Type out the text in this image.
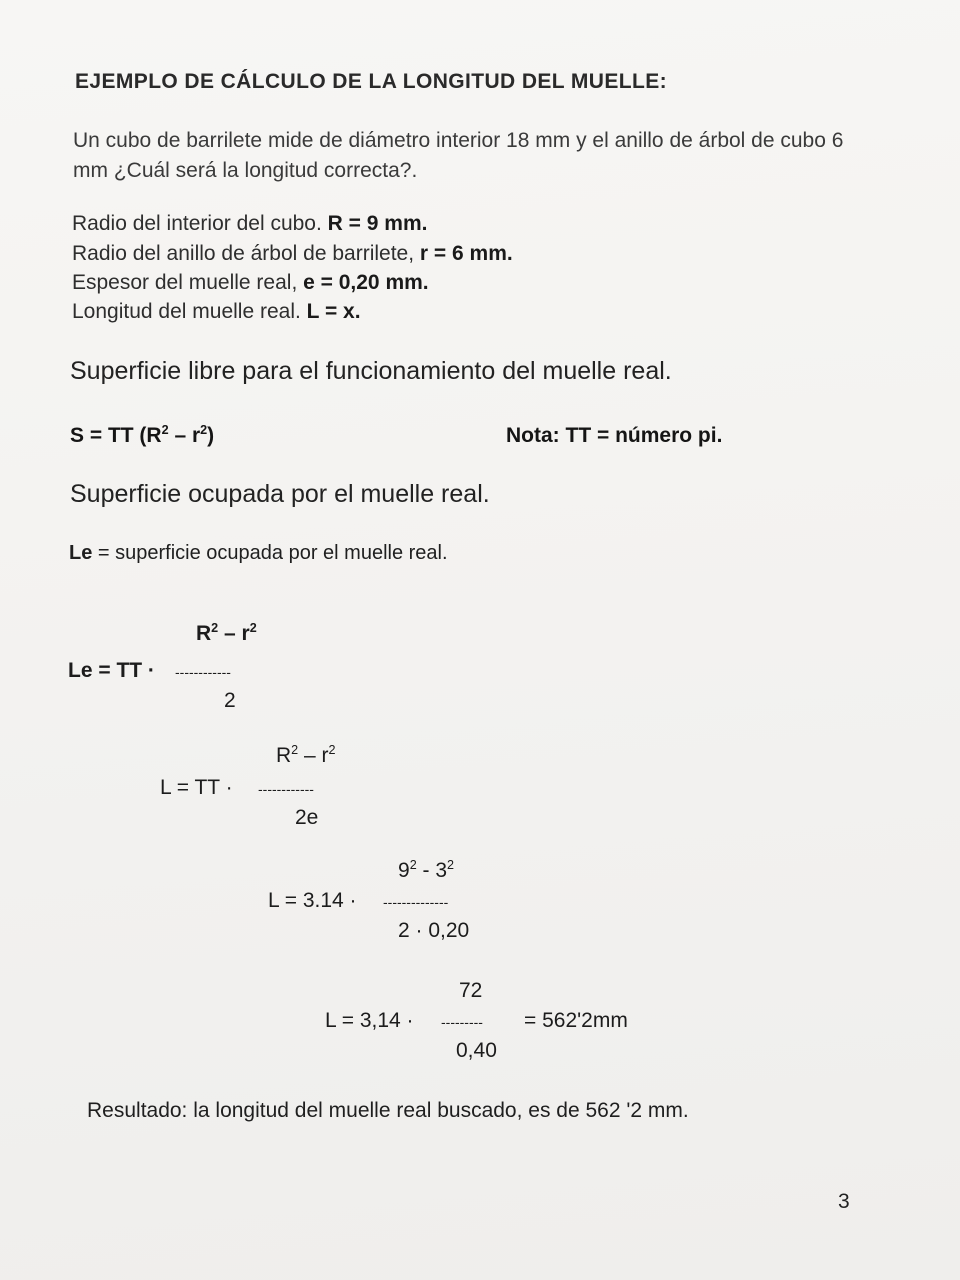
EJEMPLO DE CÁLCULO DE LA LONGITUD DEL MUELLE:
Un cubo de barrilete mide de diámetro interior 18 mm y el anillo de árbol de cubo 6 mm ¿Cuál será la longitud correcta?.
Radio del interior del cubo. R = 9 mm.
Radio del anillo de árbol de barrilete, r = 6 mm.
Espesor del muelle real, e = 0,20 mm.
Longitud del muelle real. L = x.
Superficie libre para el funcionamiento del muelle real.
S = TT $(R^2 - r^2)$	Nota: TT = número pi.
Superficie ocupada por el muelle real.
Le = superficie ocupada por el muelle real.
$R^2 - r^2$
Le = TT · ------------
2
$R^2 - r^2$
L = TT · ------------
2e
$9^2 - 3^2$
L = 3.14 · --------------
2 · 0,20
72
L = 3,14 · --------- = 562'2mm
0,40
Resultado: la longitud del muelle real buscado, es de 562 '2 mm.
3
